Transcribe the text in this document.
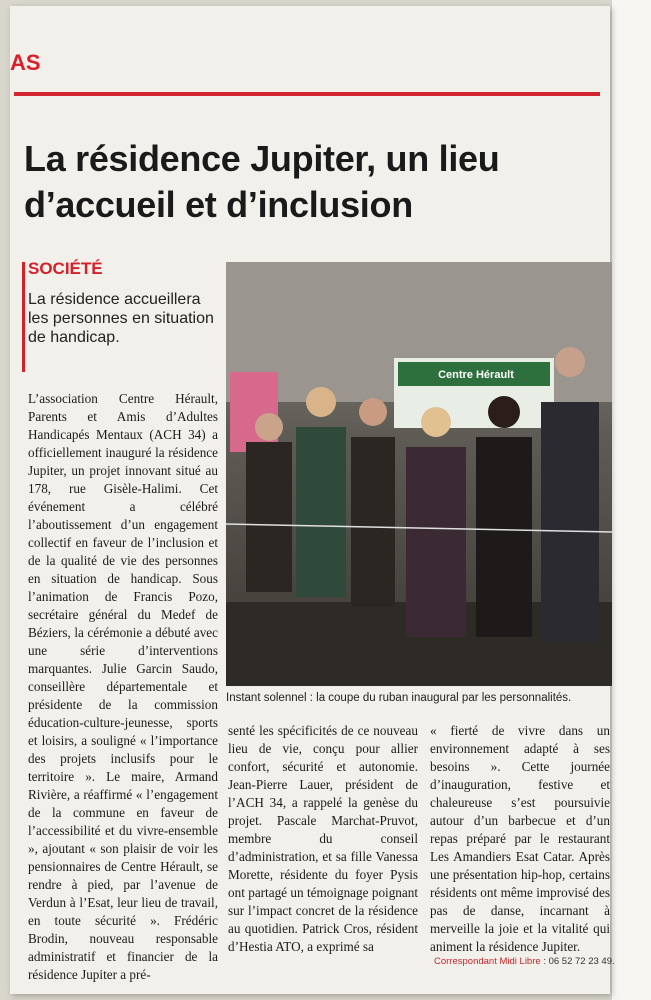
AS
La résidence Jupiter, un lieu d’accueil et d’inclusion
SOCIÉTÉ
La résidence accueillera les personnes en situation de handicap.
Centre Hérault
Instant solennel : la coupe du ruban inaugural par les personnalités.

L’association Centre Hérault, Parents et Amis d’Adultes Handicapés Mentaux (ACH 34) a officiellement inauguré la résidence Jupiter, un projet innovant situé au 178, rue Gisèle-Halimi. Cet événement a célébré l’aboutissement d’un engagement collectif en faveur de l’inclusion et de la qualité de vie des personnes en situation de handicap. Sous l’animation de Francis Pozo, secrétaire général du Medef de Béziers, la cérémonie a débuté avec une série d’interventions marquantes. Julie Garcin Saudo, conseillère départementale et présidente de la commission éducation-culture-jeunesse, sports et loisirs, a souligné « l’importance des projets inclusifs pour le territoire ». Le maire, Armand Rivière, a réaffirmé « l’engagement de la commune en faveur de l’accessibilité et du vivre-ensemble », ajoutant « son plaisir de voir les pensionnaires de Centre Hérault, se rendre à pied, par l’avenue de Verdun à l’Esat, leur lieu de travail, en toute sécurité ». Frédéric Brodin, nouveau responsable administratif et financier de la résidence Jupiter a pré-

senté les spécificités de ce nouveau lieu de vie, conçu pour allier confort, sécurité et autonomie. Jean-Pierre Lauer, président de l’ACH 34, a rappelé la genèse du projet. Pascale Marchat-Pruvot, membre du conseil d’administration, et sa fille Vanessa Morette, résidente du foyer Pysis ont partagé un témoignage poignant sur l’impact concret de la résidence au quotidien. Patrick Cros, résident d’Hestia ATO, a exprimé sa

« fierté de vivre dans un environnement adapté à ses besoins ». Cette journée d’inauguration, festive et chaleureuse s’est poursuivie autour d’un barbecue et d’un repas préparé par le restaurant Les Amandiers Esat Catar. Après une présentation hip-hop, certains résidents ont même improvisé des pas de danse, incarnant à merveille la joie et la vitalité qui animent la résidence Jupiter.

Correspondant Midi Libre : 06 52 72 23 49.
